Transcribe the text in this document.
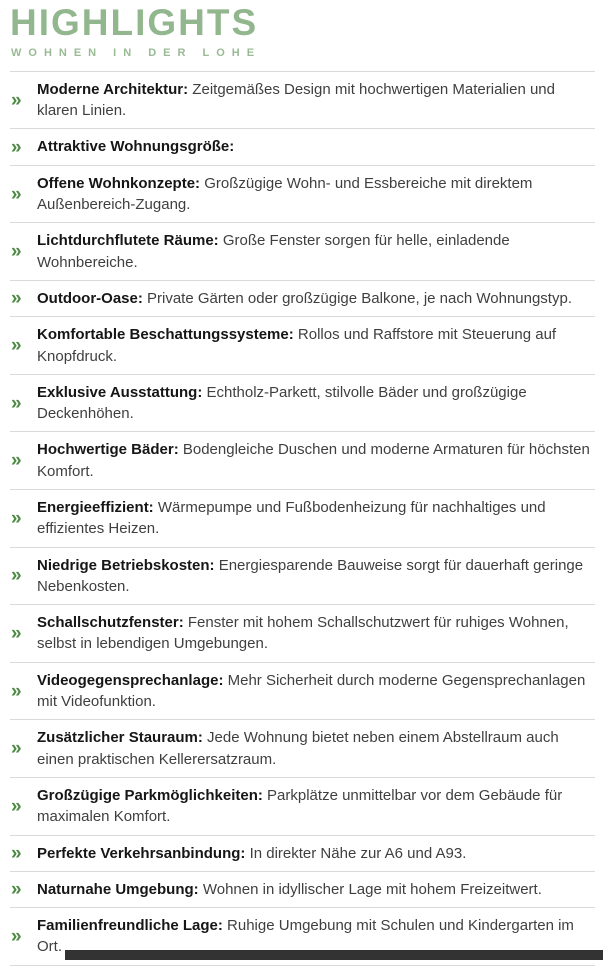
HIGHLIGHTS
WOHNEN IN DER LOHE
»
Moderne Architektur: Zeitgemäßes Design mit hochwertigen Materialien und klaren Linien.
» Attraktive Wohnungsgröße:
»
Offene Wohnkonzepte: Großzügige Wohn- und Essbereiche mit direktem Außenbereich-Zugang.
»
Lichtdurchflutete Räume: Große Fenster sorgen für helle, einladende Wohnbereiche.
» Outdoor-Oase: Private Gärten oder großzügige Balkone, je nach Wohnungstyp.
»
Komfortable Beschattungssysteme: Rollos und Raffstore mit Steuerung auf Knopfdruck.
»
Exklusive Ausstattung: Echtholz-Parkett, stilvolle Bäder und großzügige Deckenhöhen.
»
Hochwertige Bäder: Bodengleiche Duschen und moderne Armaturen für höchsten Komfort.
»
Energieeffizient: Wärmepumpe und Fußbodenheizung für nachhaltiges und effizientes Heizen.
»
Niedrige Betriebskosten: Energiesparende Bauweise sorgt für dauerhaft geringe Nebenkosten.
»
Schallschutzfenster: Fenster mit hohem Schallschutzwert für ruhiges Wohnen, selbst in lebendigen Umgebungen.
»
Videogegensprechanlage: Mehr Sicherheit durch moderne Gegensprechanlagen mit Videofunktion.
»
Zusätzlicher Stauraum: Jede Wohnung bietet neben einem Abstellraum auch einen praktischen Kellerersatzraum.
»
Großzügige Parkmöglichkeiten: Parkplätze unmittelbar vor dem Gebäude für maximalen Komfort.
» Perfekte Verkehrsanbindung: In direkter Nähe zur A6 und A93.
» Naturnahe Umgebung: Wohnen in idyllischer Lage mit hohem Freizeitwert.
»
Familienfreundliche Lage: Ruhige Umgebung mit Schulen und Kindergarten im Ort.
